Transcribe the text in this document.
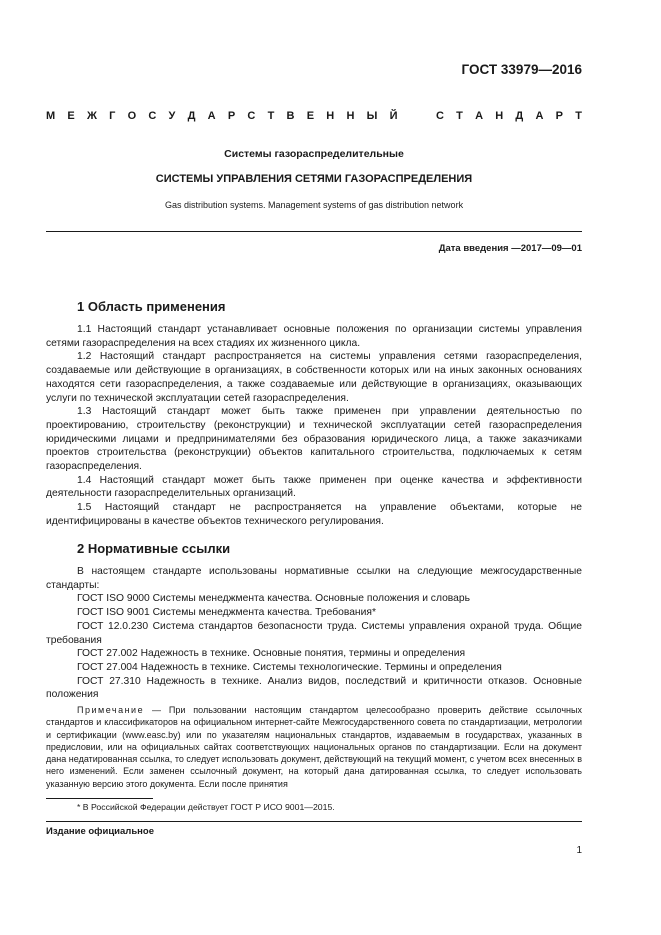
ГОСТ 33979—2016
М Е Ж Г О С У Д А Р С Т В Е Н Н Ы Й
	С Т А Н Д А Р Т
Системы газораспределительные
СИСТЕМЫ УПРАВЛЕНИЯ СЕТЯМИ ГАЗОРАСПРЕДЕЛЕНИЯ
Gas distribution systems. Management systems of gas distribution network
Дата введения —2017—09—01
1 Область применения

1.1 Настоящий стандарт устанавливает основные положения по организации системы управления сетями газораспределения на всех стадиях их жизненного цикла.

1.2 Настоящий стандарт распространяется на системы управления сетями газораспределения, создаваемые или действующие в организациях, в собственности которых или на иных законных основаниях находятся сети газораспределения, а также создаваемые или действующие в организациях, оказывающих услуги по технической эксплуатации сетей газораспределения.

1.3 Настоящий стандарт может быть также применен при управлении деятельностью по проектированию, строительству (реконструкции) и технической эксплуатации сетей газораспределения юридическими лицами и предпринимателями без образования юридического лица, а также заказчиками проектов строительства (реконструкции) объектов капитального строительства, подключаемых к сетям газораспределения.

1.4 Настоящий стандарт может быть также применен при оценке качества и эффективности деятельности газораспределительных организаций.

1.5 Настоящий стандарт не распространяется на управление объектами, которые не идентифицированы в качестве объектов технического регулирования.

2 Нормативные ссылки

В настоящем стандарте использованы нормативные ссылки на следующие межгосударственные стандарты:

ГОСТ ISO 9000 Системы менеджмента качества. Основные положения и словарь

ГОСТ ISO 9001 Системы менеджмента качества. Требования*

ГОСТ 12.0.230 Система стандартов безопасности труда. Системы управления охраной труда. Общие требования

ГОСТ 27.002 Надежность в технике. Основные понятия, термины и определения

ГОСТ 27.004 Надежность в технике. Системы технологические. Термины и определения

ГОСТ 27.310 Надежность в технике. Анализ видов, последствий и критичности отказов. Основные положения

Примечание — При пользовании настоящим стандартом целесообразно проверить действие ссылочных стандартов и классификаторов на официальном интернет-сайте Межгосударственного совета по стандартизации, метрологии и сертификации (www.easc.by) или по указателям национальных стандартов, издаваемым в государствах, указанных в предисловии, или на официальных сайтах соответствующих национальных органов по стандартизации. Если на документ дана недатированная ссылка, то следует использовать документ, действующий на текущий момент, с учетом всех внесенных в него изменений. Если заменен ссылочный документ, на который дана датированная ссылка, то следует использовать указанную версию этого документа. Если после принятия

* В Российской Федерации действует ГОСТ Р ИСО 9001—2015.
Издание официальное
1
